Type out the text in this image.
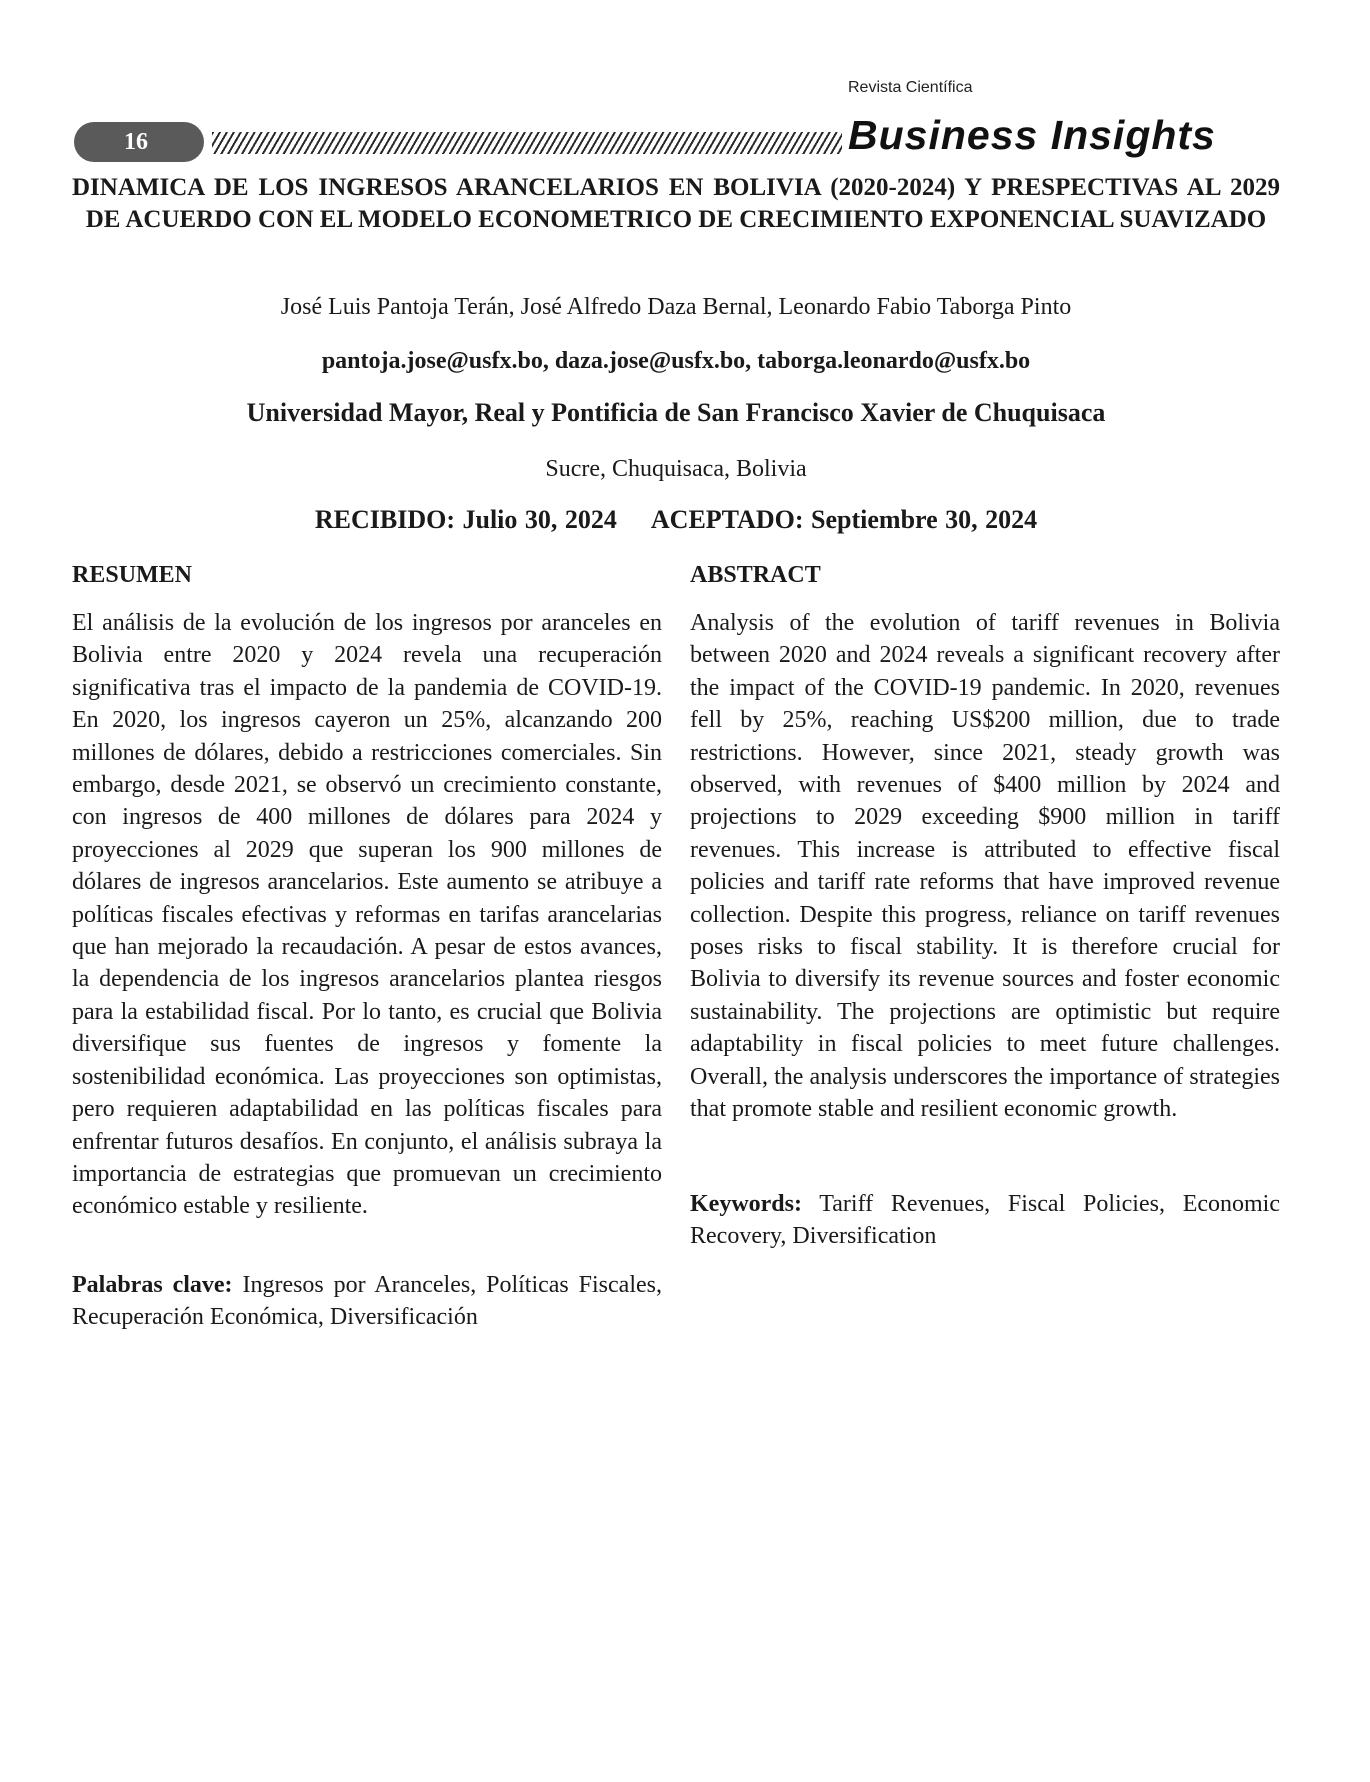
Revista Científica
16	Business Insights
DINAMICA DE LOS INGRESOS ARANCELARIOS EN BOLIVIA (2020-2024) Y PRESPECTIVAS AL 2029 DE ACUERDO CON EL MODELO ECONOMETRICO DE CRECIMIENTO EXPONENCIAL SUAVIZADO
José Luis Pantoja Terán, José Alfredo Daza Bernal, Leonardo Fabio Taborga Pinto
pantoja.jose@usfx.bo, daza.jose@usfx.bo, taborga.leonardo@usfx.bo
Universidad Mayor, Real y Pontificia de San Francisco Xavier de Chuquisaca
Sucre, Chuquisaca, Bolivia
RECIBIDO: Julio 30, 2024 ACEPTADO: Septiembre 30, 2024
RESUMEN

El análisis de la evolución de los ingresos por aranceles en Bolivia entre 2020 y 2024 revela una recuperación significativa tras el impacto de la pandemia de COVID-19. En 2020, los ingresos cayeron un 25%, alcanzando 200 millones de dólares, debido a restricciones comerciales. Sin embargo, desde 2021, se observó un crecimiento constante, con ingresos de 400 millones de dólares para 2024 y proyecciones al 2029 que superan los 900 millones de dólares de ingresos arancelarios. Este aumento se atribuye a políticas fiscales efectivas y reformas en tarifas arancelarias que han mejorado la recaudación. A pesar de estos avances, la dependencia de los ingresos arancelarios plantea riesgos para la estabilidad fiscal. Por lo tanto, es crucial que Bolivia diversifique sus fuentes de ingresos y fomente la sostenibilidad económica. Las proyecciones son optimistas, pero requieren adaptabilidad en las políticas fiscales para enfrentar futuros desafíos. En conjunto, el análisis subraya la importancia de estrategias que promuevan un crecimiento económico estable y resiliente.

Palabras clave: Ingresos por Aranceles, Políticas Fiscales, Recuperación Económica, Diversificación

ABSTRACT

Analysis of the evolution of tariff revenues in Bolivia between 2020 and 2024 reveals a significant recovery after the impact of the COVID-19 pandemic. In 2020, revenues fell by 25%, reaching US$200 million, due to trade restrictions. However, since 2021, steady growth was observed, with revenues of $400 million by 2024 and projections to 2029 exceeding $900 million in tariff revenues. This increase is attributed to effective fiscal policies and tariff rate reforms that have improved revenue collection. Despite this progress, reliance on tariff revenues poses risks to fiscal stability. It is therefore crucial for Bolivia to diversify its revenue sources and foster economic sustainability. The projections are optimistic but require adaptability in fiscal policies to meet future challenges. Overall, the analysis underscores the importance of strategies that promote stable and resilient economic growth.

Keywords: Tariff Revenues, Fiscal Policies, Economic Recovery, Diversification
